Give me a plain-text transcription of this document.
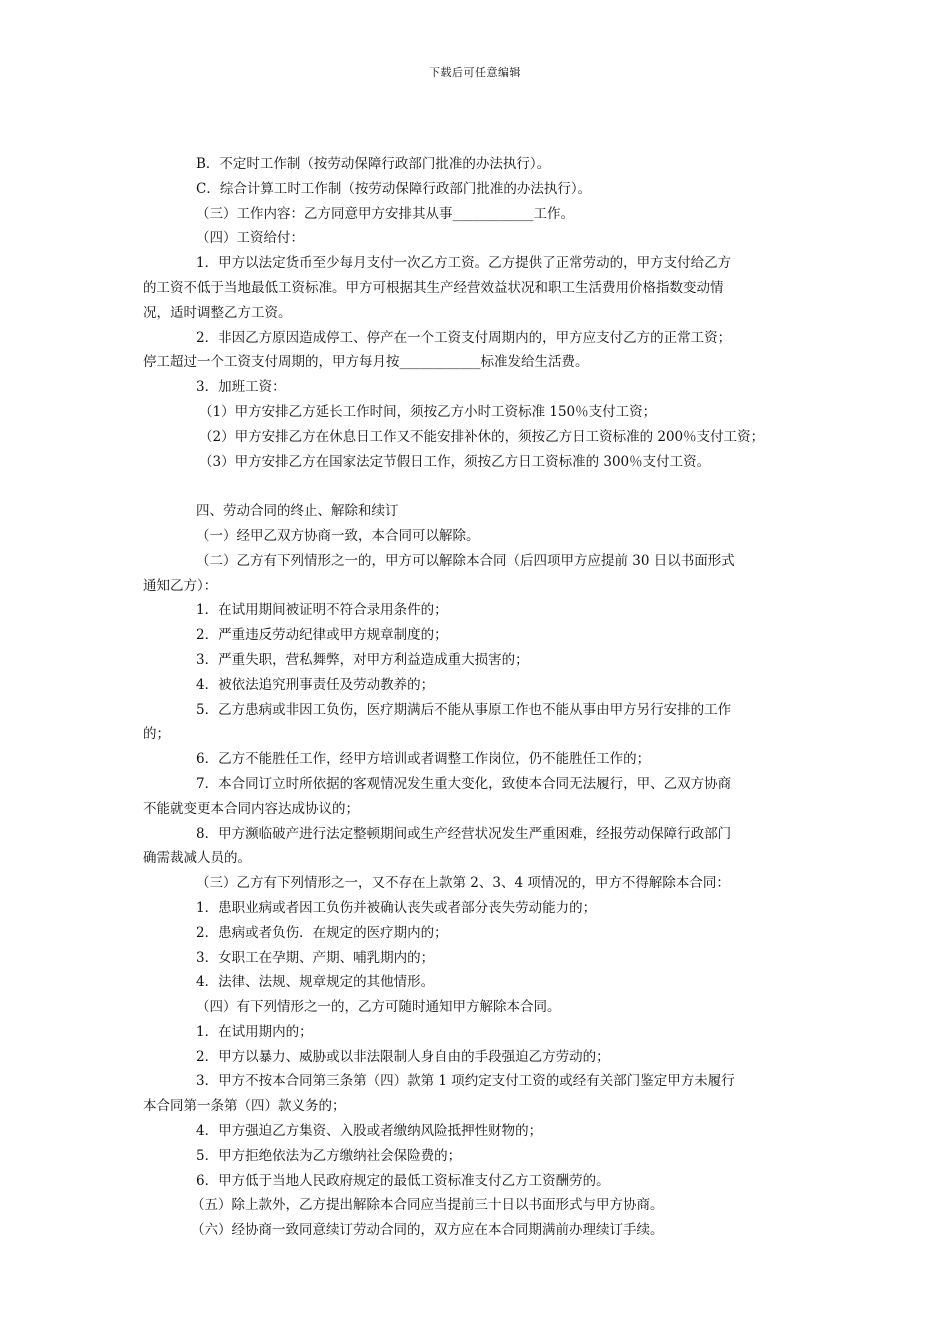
下载后可任意编辑

B．不定时工作制（按劳动保障行政部门批准的办法执行）。

C．综合计算工时工作制（按劳动保障行政部门批准的办法执行）。

（三）工作内容：乙方同意甲方安排其从事____________工作。

（四）工资给付：

1．甲方以法定货币至少每月支付一次乙方工资。乙方提供了正常劳动的，甲方支付给乙方

的工资不低于当地最低工资标准。甲方可根据其生产经营效益状况和职工生活费用价格指数变动情

况，适时调整乙方工资。

2．非因乙方原因造成停工、停产在一个工资支付周期内的，甲方应支付乙方的正常工资；

停工超过一个工资支付周期的，甲方每月按____________标准发给生活费。

3．加班工资：

（1）甲方安排乙方延长工作时间，须按乙方小时工资标准 150％支付工资；

（2）甲方安排乙方在休息日工作又不能安排补休的，须按乙方日工资标准的 200％支付工资；

（3）甲方安排乙方在国家法定节假日工作，须按乙方日工资标准的 300％支付工资。

四、劳动合同的终止、解除和续订

（一）经甲乙双方协商一致，本合同可以解除。

（二）乙方有下列情形之一的，甲方可以解除本合同（后四项甲方应提前 30 日以书面形式

通知乙方）：

1．在试用期间被证明不符合录用条件的；

2．严重违反劳动纪律或甲方规章制度的；

3．严重失职，营私舞弊，对甲方利益造成重大损害的；

4．被依法追究刑事责任及劳动教养的；

5．乙方患病或非因工负伤，医疗期满后不能从事原工作也不能从事由甲方另行安排的工作

的；

6．乙方不能胜任工作，经甲方培训或者调整工作岗位，仍不能胜任工作的；

7．本合同订立时所依据的客观情况发生重大变化，致使本合同无法履行，甲、乙双方协商

不能就变更本合同内容达成协议的；

8．甲方濒临破产进行法定整顿期间或生产经营状况发生严重困难，经报劳动保障行政部门

确需裁减人员的。

（三）乙方有下列情形之一，又不存在上款第 2、3、4 项情况的，甲方不得解除本合同：

1．患职业病或者因工负伤并被确认丧失或者部分丧失劳动能力的；

2．患病或者负伤．在规定的医疗期内的；

3．女职工在孕期、产期、哺乳期内的；

4．法律、法规、规章规定的其他情形。

（四）有下列情形之一的，乙方可随时通知甲方解除本合同。

1．在试用期内的；

2．甲方以暴力、威胁或以非法限制人身自由的手段强迫乙方劳动的；

3．甲方不按本合同第三条第（四）款第 1 项约定支付工资的或经有关部门鉴定甲方未履行

本合同第一条第（四）款义务的；

4．甲方强迫乙方集资、入股或者缴纳风险抵押性财物的；

5．甲方拒绝依法为乙方缴纳社会保险费的；

6．甲方低于当地人民政府规定的最低工资标准支付乙方工资酬劳的。

（五）除上款外，乙方提出解除本合同应当提前三十日以书面形式与甲方协商。

（六）经协商一致同意续订劳动合同的，双方应在本合同期满前办理续订手续。
